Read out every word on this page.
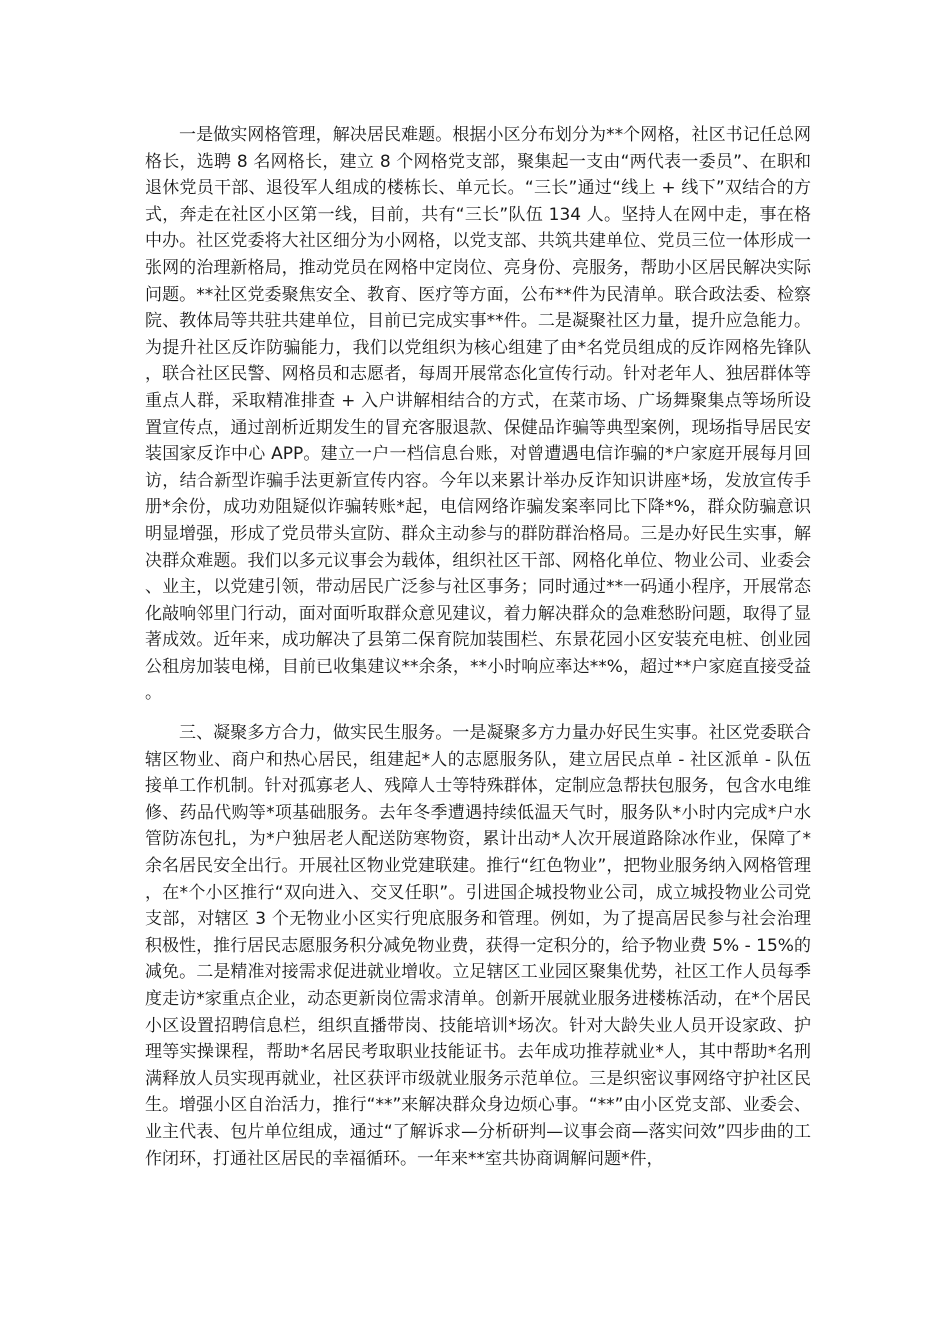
一是做实网格管理，解决居民难题。根据小区分布划分为**个网格，社区书记任总网格长，选聘 8 名网格长，建立 8 个网格党支部，聚集起一支由“两代表一委员”、在职和退休党员干部、退役军人组成的楼栋长、单元长。“三长”通过“线上 + 线下”双结合的方式，奔走在社区小区第一线，目前，共有“三长”队伍 134 人。坚持人在网中走，事在格中办。社区党委将大社区细分为小网格，以党支部、共筑共建单位、党员三位一体形成一张网的治理新格局，推动党员在网格中定岗位、亮身份、亮服务，帮助小区居民解决实际问题。**社区党委聚焦安全、教育、医疗等方面，公布**件为民清单。联合政法委、检察院、教体局等共驻共建单位，目前已完成实事**件。二是凝聚社区力量，提升应急能力。为提升社区反诈防骗能力，我们以党组织为核心组建了由*名党员组成的反诈网格先锋队，联合社区民警、网格员和志愿者，每周开展常态化宣传行动。针对老年人、独居群体等重点人群，采取精准排查 + 入户讲解相结合的方式，在菜市场、广场舞聚集点等场所设置宣传点，通过剖析近期发生的冒充客服退款、保健品诈骗等典型案例，现场指导居民安装国家反诈中心 APP。建立一户一档信息台账，对曾遭遇电信诈骗的*户家庭开展每月回访，结合新型诈骗手法更新宣传内容。今年以来累计举办反诈知识讲座*场，发放宣传手册*余份，成功劝阻疑似诈骗转账*起，电信网络诈骗发案率同比下降*%，群众防骗意识明显增强，形成了党员带头宣防、群众主动参与的群防群治格局。三是办好民生实事，解决群众难题。我们以多元议事会为载体，组织社区干部、网格化单位、物业公司、业委会、业主，以党建引领，带动居民广泛参与社区事务；同时通过**一码通小程序，开展常态化敲响邻里门行动，面对面听取群众意见建议，着力解决群众的急难愁盼问题，取得了显著成效。近年来，成功解决了县第二保育院加装围栏、东景花园小区安装充电桩、创业园公租房加装电梯，目前已收集建议**余条，**小时响应率达**%，超过**户家庭直接受益。

三、凝聚多方合力，做实民生服务。一是凝聚多方力量办好民生实事。社区党委联合辖区物业、商户和热心居民，组建起*人的志愿服务队，建立居民点单 - 社区派单 - 队伍接单工作机制。针对孤寡老人、残障人士等特殊群体，定制应急帮扶包服务，包含水电维修、药品代购等*项基础服务。去年冬季遭遇持续低温天气时，服务队*小时内完成*户水管防冻包扎，为*户独居老人配送防寒物资，累计出动*人次开展道路除冰作业，保障了*余名居民安全出行。开展社区物业党建联建。推行“红色物业”，把物业服务纳入网格管理，在*个小区推行“双向进入、交叉任职”。引进国企城投物业公司，成立城投物业公司党支部，对辖区 3 个无物业小区实行兜底服务和管理。例如，为了提高居民参与社会治理积极性，推行居民志愿服务积分减免物业费，获得一定积分的，给予物业费 5% - 15%的减免。二是精准对接需求促进就业增收。立足辖区工业园区聚集优势，社区工作人员每季度走访*家重点企业，动态更新岗位需求清单。创新开展就业服务进楼栋活动，在*个居民小区设置招聘信息栏，组织直播带岗、技能培训*场次。针对大龄失业人员开设家政、护理等实操课程，帮助*名居民考取职业技能证书。去年成功推荐就业*人，其中帮助*名刑满释放人员实现再就业，社区获评市级就业服务示范单位。三是织密议事网络守护社区民生。增强小区自治活力，推行“**”来解决群众身边烦心事。“**”由小区党支部、业委会、业主代表、包片单位组成，通过“了解诉求—分析研判—议事会商—落实问效”四步曲的工作闭环，打通社区居民的幸福循环。一年来**室共协商调解问题*件，
